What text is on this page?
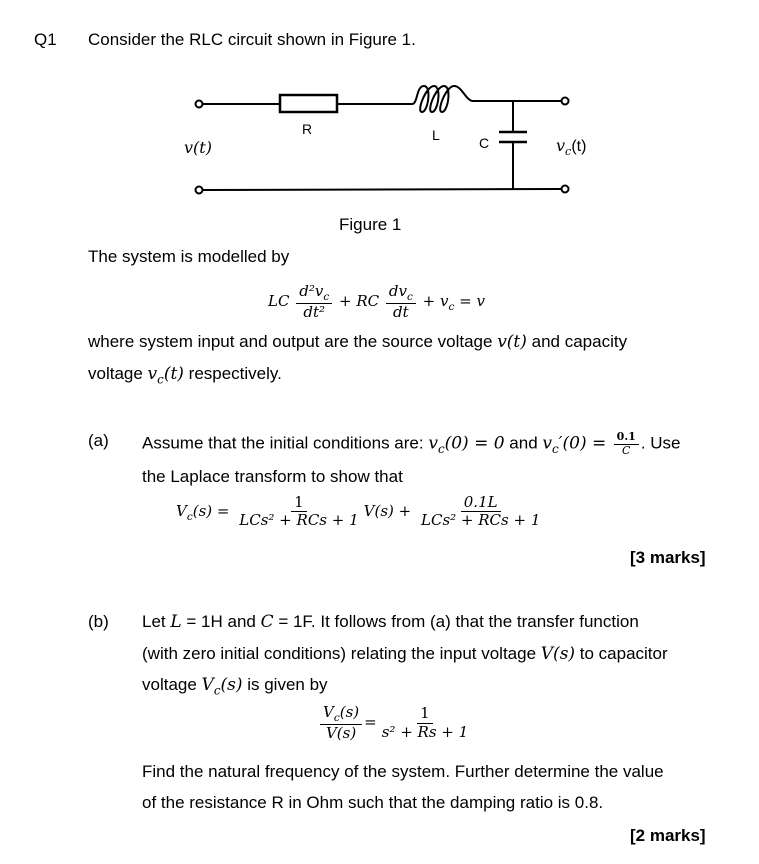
Q1 Consider the RLC circuit shown in Figure 1.
R	L	C
v(t)	$v_c(t)$
Figure 1
The system is modelled by
LC $\frac{d^2v_c}{\text{dt²}}$ + RC $\frac{dv_c}{dt} + v_c = v$
where system input and output are the source voltage v(t) and capacity
voltage $v_c(t)$ respectively.
(a) Assume that the initial conditions are: $v_c(0) = 0$ and $v_c'(0) = \frac{0.1}{C}$ . Use
the Laplace transform to show that
$V_c(s) = \frac{1}{\text{LCs² + RCs + 1}} V(s) + \frac{0.1L}{\text{LCs² + RCs + 1}}$
[3 marks]
(b) Let L = 1H and C = 1F. It follows from (a) that the transfer function
(with zero initial conditions) relating the input voltage V(s) to capacitor
voltage $V_c(s)$ is given by
$\frac{V_c(s)}{V(s)} = \frac{1}{\text{s² + Rs + 1}}$
Find the natural frequency of the system. Further determine the value
of the resistance R in Ohm such that the damping ratio is 0.8.
[2 marks]
